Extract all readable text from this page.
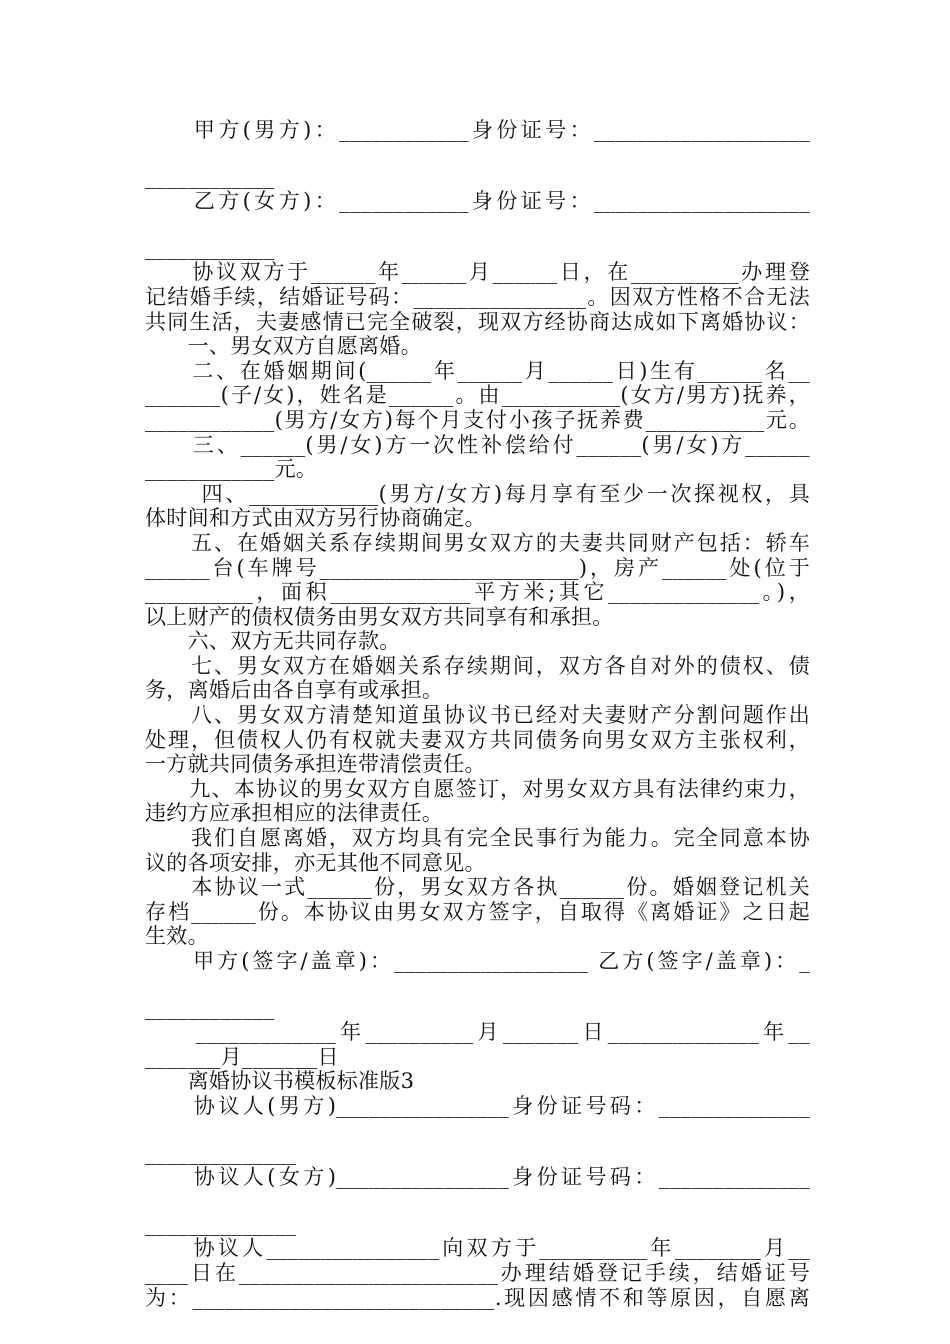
　　甲方(男方)：____________身份证号：____________________
____________
　　乙方(女方)：____________身份证号：____________________
____________
　　协议双方于______年______月______日，在__________办理登
记结婚手续，结婚证号码：________________。因双方性格不合无法
共同生活，夫妻感情已完全破裂，现双方经协商达成如下离婚协议：
　　一、男女双方自愿离婚。
　　二、在婚姻期间(______年______月______日)生有______名__
_______(子/女)，姓名是______。由___________(女方/男方)抚养，
____________(男方/女方)每个月支付小孩子抚养费___________元。
　　三、______(男/女)方一次性补偿给付______(男/女)方______
____________元。
　　 四、____________(男方/女方)每月享有至少一次探视权，具
体时间和方式由双方另行协商确定。
　　五、在婚姻关系存续期间男女双方的夫妻共同财产包括：轿车
______台(车牌号________________________)，房产______处(位于
__________，面积_____________平方米;其它______________。)，
以上财产的债权债务由男女双方共同享有和承担。
　　六、双方无共同存款。
　　七、男女双方在婚姻关系存续期间，双方各自对外的债权、债
务，离婚后由各自享有或承担。
　　八、男女双方清楚知道虽协议书已经对夫妻财产分割问题作出
处理，但债权人仍有权就夫妻双方共同债务向男女双方主张权利，
一方就共同债务承担连带清偿责任。
　　九、本协议的男女双方自愿签订，对男女双方具有法律约束力，
违约方应承担相应的法律责任。
　　我们自愿离婚，双方均具有完全民事行为能力。完全同意本协
议的各项安排，亦无其他不同意见。
　　本协议一式______份，男女双方各执______份。婚姻登记机关
存档______份。本协议由男女双方签字，自取得《离婚证》之日起
生效。
　　甲方(签字/盖章)：__________________ 乙方(签字/盖章)：_
____________
　　_____________年__________月_______日______________年__
_______月_______日
　　离婚协议书模板标准版3
　　协议人(男方)________________身份证号码：______________
______________
　　协议人(女方)________________身份证号码：______________
______________
　　协议人________________向双方于__________年________月__
____日在________________________办理结婚登记手续，结婚证号
为：____________________________.现因感情不和等原因，自愿离
